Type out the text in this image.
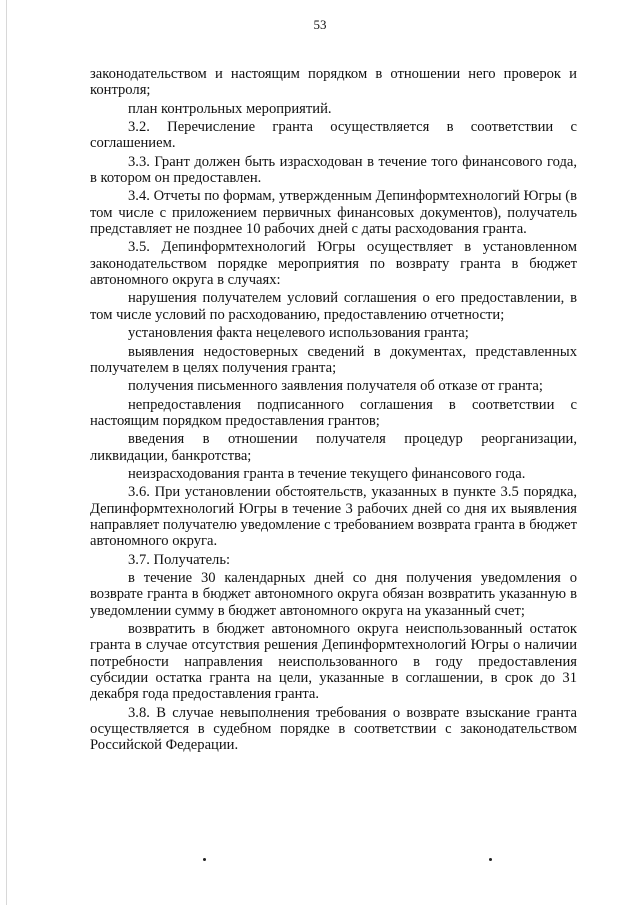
53

законодательством и настоящим порядком в отношении него проверок и контроля;

план контрольных мероприятий.

3.2. Перечисление гранта осуществляется в соответствии с соглашением.

3.3. Грант должен быть израсходован в течение того финансового года, в котором он предоставлен.

3.4. Отчеты по формам, утвержденным Депинформтехнологий Югры (в том числе с приложением первичных финансовых документов), получатель представляет не позднее 10 рабочих дней с даты расходования гранта.

3.5. Депинформтехнологий Югры осуществляет в установленном законодательством порядке мероприятия по возврату гранта в бюджет автономного округа в случаях:

нарушения получателем условий соглашения о его предоставлении, в том числе условий по расходованию, предоставлению отчетности;

установления факта нецелевого использования гранта;

выявления недостоверных сведений в документах, представленных получателем в целях получения гранта;

получения письменного заявления получателя об отказе от гранта;

непредоставления подписанного соглашения в соответствии с настоящим порядком предоставления грантов;

введения в отношении получателя процедур реорганизации, ликвидации, банкротства;

неизрасходования гранта в течение текущего финансового года.

3.6. При установлении обстоятельств, указанных в пункте 3.5 порядка, Депинформтехнологий Югры в течение 3 рабочих дней со дня их выявления направляет получателю уведомление с требованием возврата гранта в бюджет автономного округа.

3.7. Получатель:

в течение 30 календарных дней со дня получения уведомления о возврате гранта в бюджет автономного округа обязан возвратить указанную в уведомлении сумму в бюджет автономного округа на указанный счет;

возвратить в бюджет автономного округа неиспользованный остаток гранта в случае отсутствия решения Депинформтехнологий Югры о наличии потребности направления неиспользованного в году предоставления субсидии остатка гранта на цели, указанные в соглашении, в срок до 31 декабря года предоставления гранта.

3.8. В случае невыполнения требования о возврате взыскание гранта осуществляется в судебном порядке в соответствии с законодательством Российской Федерации.
